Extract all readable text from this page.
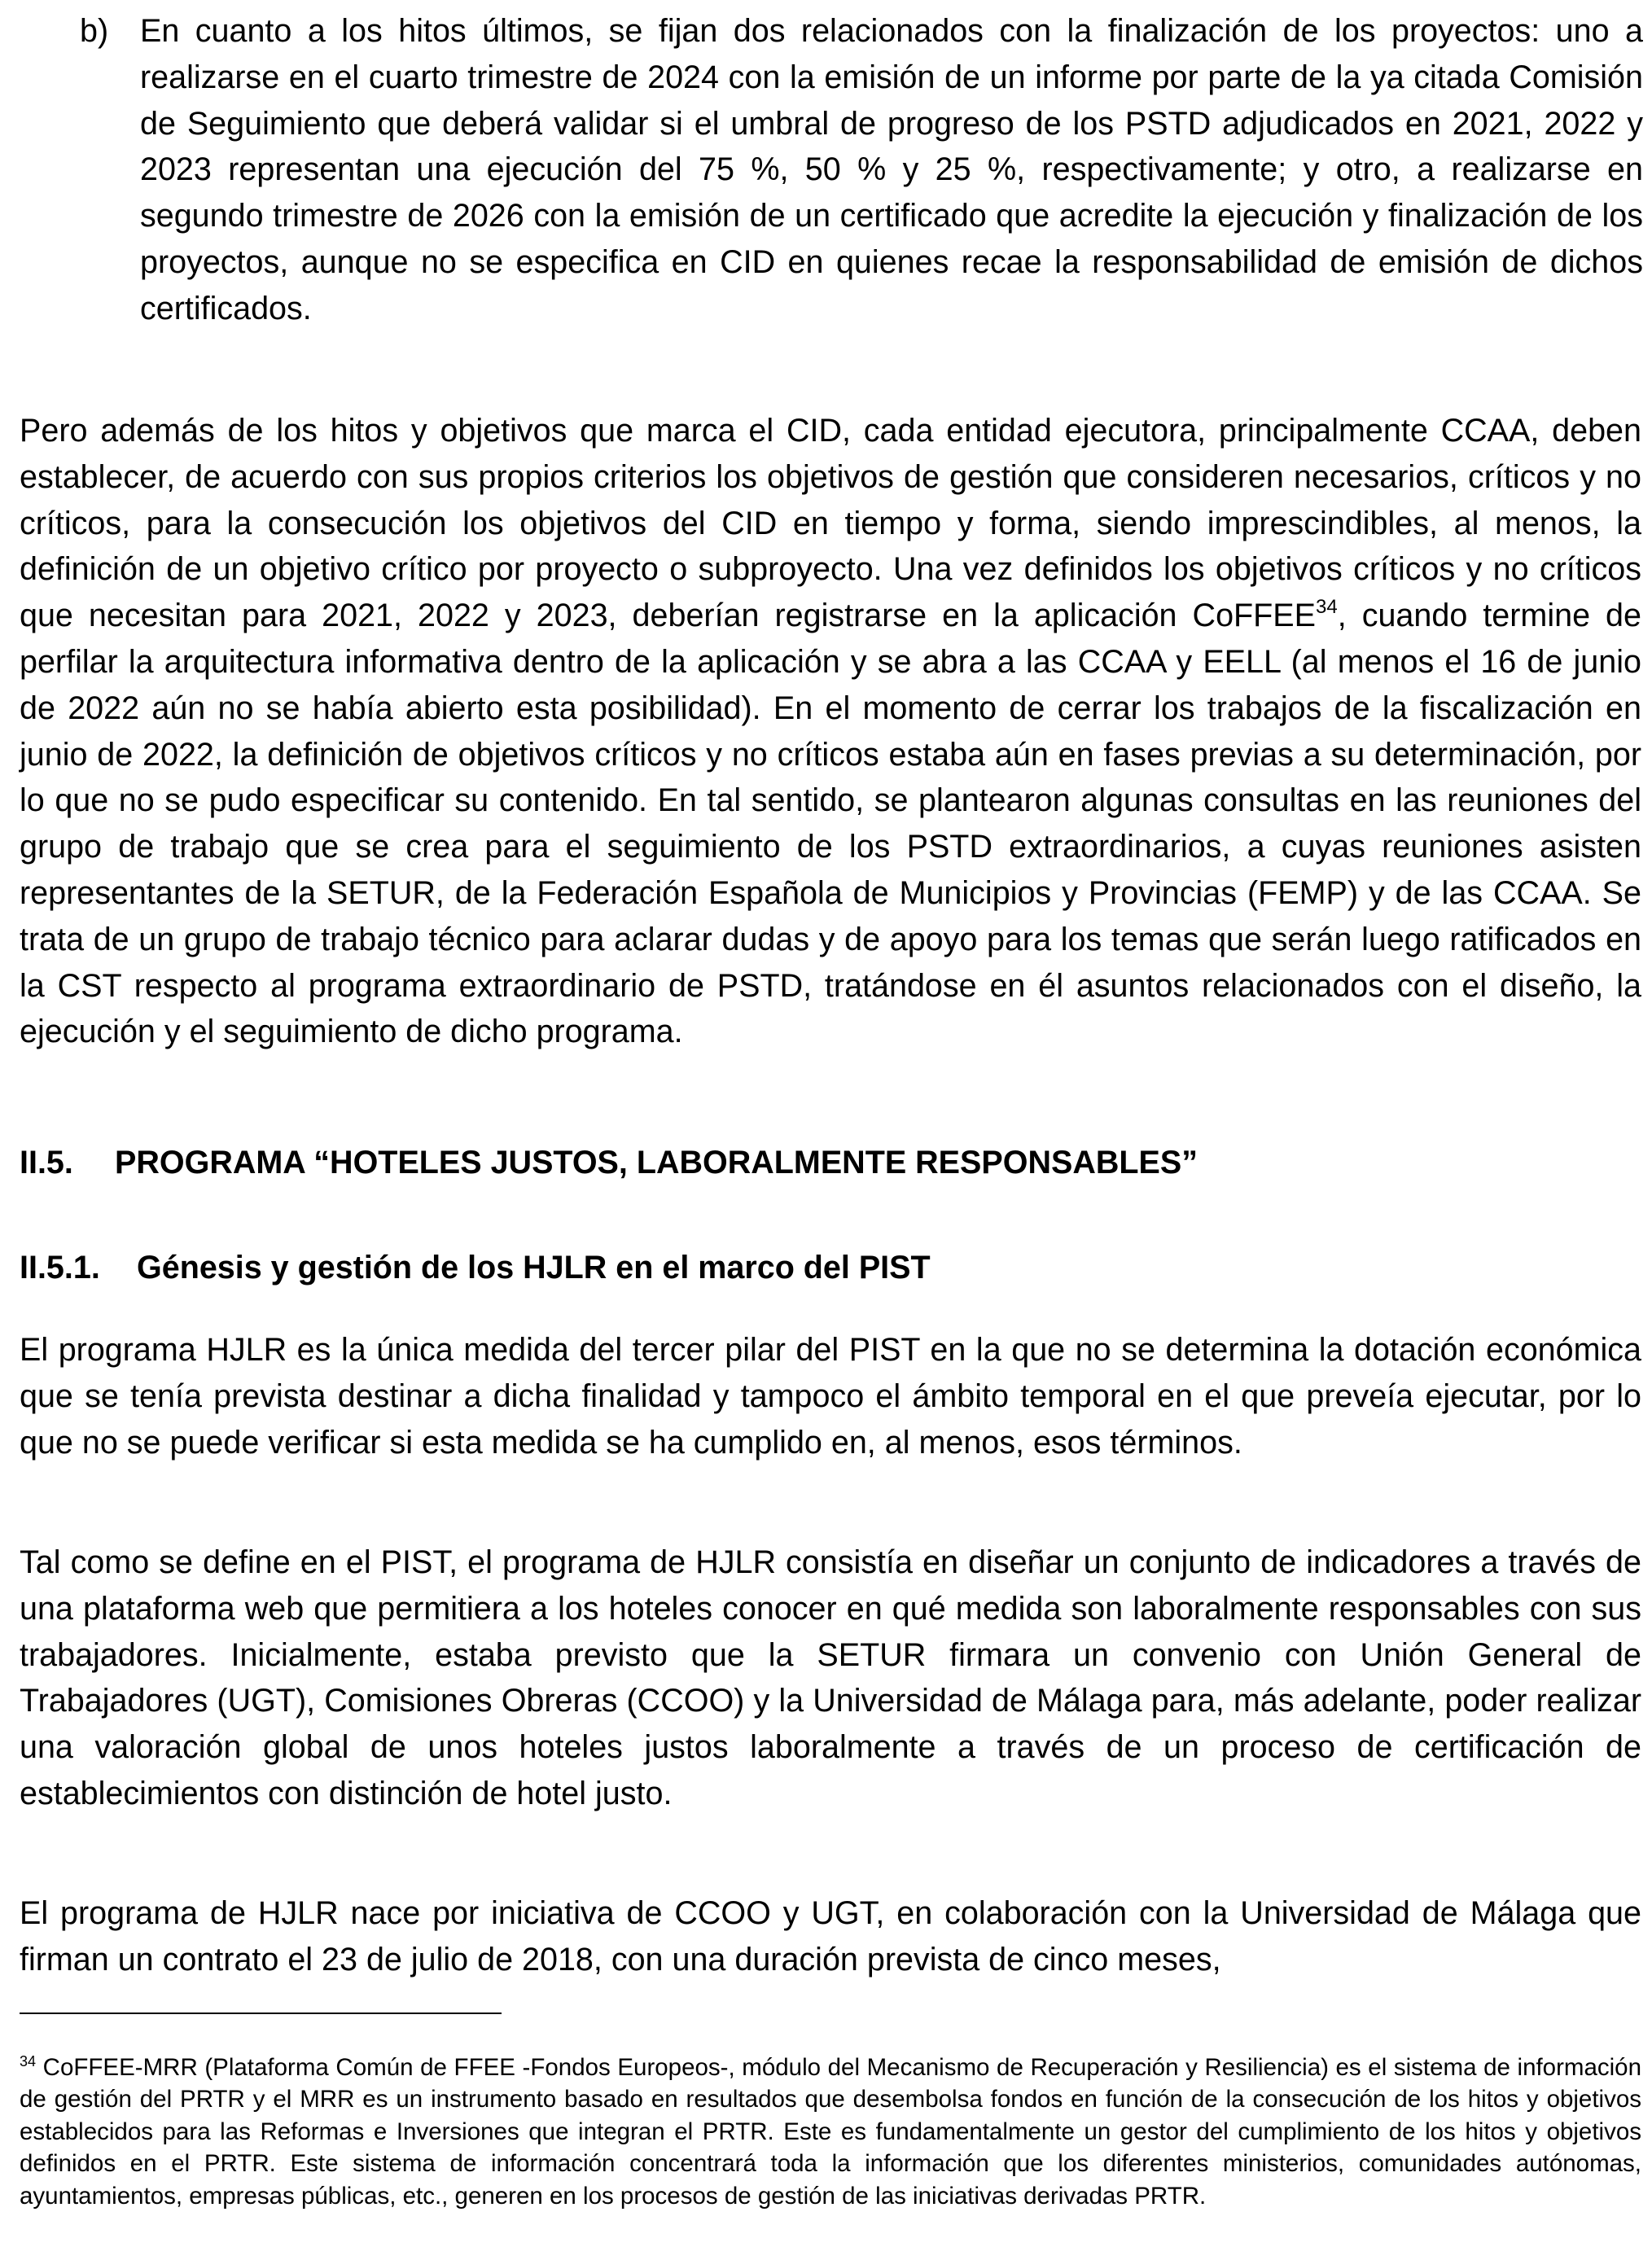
b) En cuanto a los hitos últimos, se fijan dos relacionados con la finalización de los proyectos: uno a realizarse en el cuarto trimestre de 2024 con la emisión de un informe por parte de la ya citada Comisión de Seguimiento que deberá validar si el umbral de progreso de los PSTD adjudicados en 2021, 2022 y 2023 representan una ejecución del 75 %, 50 % y 25 %, respectivamente; y otro, a realizarse en segundo trimestre de 2026 con la emisión de un certificado que acredite la ejecución y finalización de los proyectos, aunque no se especifica en CID en quienes recae la responsabilidad de emisión de dichos certificados.

Pero además de los hitos y objetivos que marca el CID, cada entidad ejecutora, principalmente CCAA, deben establecer, de acuerdo con sus propios criterios los objetivos de gestión que consideren necesarios, críticos y no críticos, para la consecución los objetivos del CID en tiempo y forma, siendo imprescindibles, al menos, la definición de un objetivo crítico por proyecto o subproyecto. Una vez definidos los objetivos críticos y no críticos que necesitan para 2021, 2022 y 2023, deberían registrarse en la aplicación CoFFEE$^{34}$, cuando termine de perfilar la arquitectura informativa dentro de la aplicación y se abra a las CCAA y EELL (al menos el 16 de junio de 2022 aún no se había abierto esta posibilidad). En el momento de cerrar los trabajos de la fiscalización en junio de 2022, la definición de objetivos críticos y no críticos estaba aún en fases previas a su determinación, por lo que no se pudo especificar su contenido. En tal sentido, se plantearon algunas consultas en las reuniones del grupo de trabajo que se crea para el seguimiento de los PSTD extraordinarios, a cuyas reuniones asisten representantes de la SETUR, de la Federación Española de Municipios y Provincias (FEMP) y de las CCAA. Se trata de un grupo de trabajo técnico para aclarar dudas y de apoyo para los temas que serán luego ratificados en la CST respecto al programa extraordinario de PSTD, tratándose en él asuntos relacionados con el diseño, la ejecución y el seguimiento de dicho programa.

II.5. PROGRAMA “HOTELES JUSTOS, LABORALMENTE RESPONSABLES”
II.5.1. Génesis y gestión de los HJLR en el marco del PIST

El programa HJLR es la única medida del tercer pilar del PIST en la que no se determina la dotación económica que se tenía prevista destinar a dicha finalidad y tampoco el ámbito temporal en el que preveía ejecutar, por lo que no se puede verificar si esta medida se ha cumplido en, al menos, esos términos.

Tal como se define en el PIST, el programa de HJLR consistía en diseñar un conjunto de indicadores a través de una plataforma web que permitiera a los hoteles conocer en qué medida son laboralmente responsables con sus trabajadores. Inicialmente, estaba previsto que la SETUR firmara un convenio con Unión General de Trabajadores (UGT), Comisiones Obreras (CCOO) y la Universidad de Málaga para, más adelante, poder realizar una valoración global de unos hoteles justos laboralmente a través de un proceso de certificación de establecimientos con distinción de hotel justo.

El programa de HJLR nace por iniciativa de CCOO y UGT, en colaboración con la Universidad de Málaga que firman un contrato el 23 de julio de 2018, con una duración prevista de cinco meses,

$^{34}$ CoFFEE-MRR (Plataforma Común de FFEE -Fondos Europeos-, módulo del Mecanismo de Recuperación y Resiliencia) es el sistema de información de gestión del PRTR y el MRR es un instrumento basado en resultados que desembolsa fondos en función de la consecución de los hitos y objetivos establecidos para las Reformas e Inversiones que integran el PRTR. Este es fundamentalmente un gestor del cumplimiento de los hitos y objetivos definidos en el PRTR. Este sistema de información concentrará toda la información que los diferentes ministerios, comunidades autónomas, ayuntamientos, empresas públicas, etc., generen en los procesos de gestión de las iniciativas derivadas PRTR.
